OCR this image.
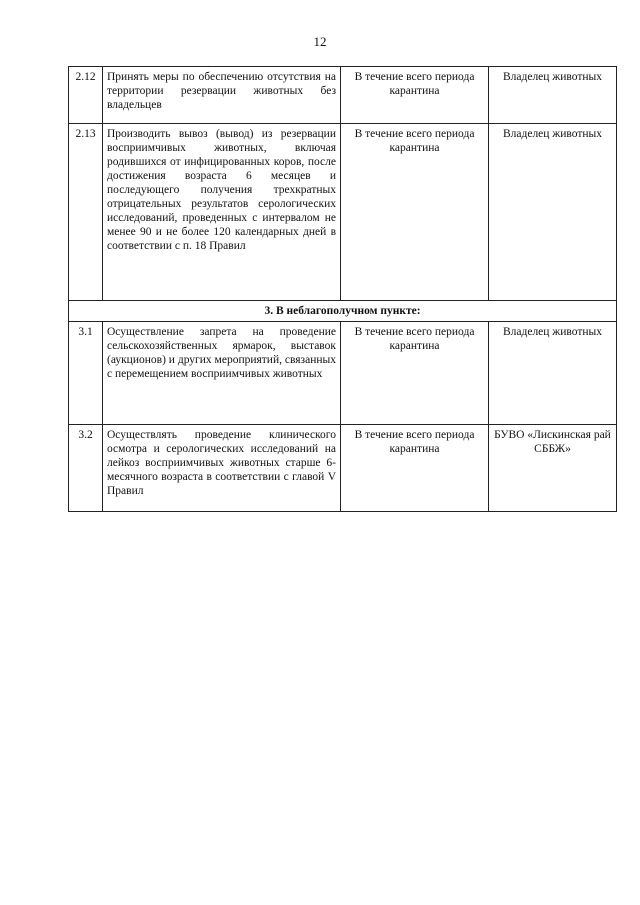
12
2.12	Принять меры по обеспечению отсутствия на территории резервации животных без владельцев	В течение всего периода карантина	Владелец животных
2.13	Производить вывоз (вывод) из резервации восприимчивых животных, включая родившихся от инфицированных коров, после достижения возраста 6 месяцев и последующего получения трехкратных отрицательных результатов серологических исследований, проведенных с интервалом не менее 90 и не более 120 календарных дней в соответствии с п. 18 Правил	В течение всего периода карантина	Владелец животных
3. В неблагополучном пункте:			
3.1	Осуществление запрета на проведение сельскохозяйственных ярмарок, выставок (аукционов) и других мероприятий, связанных с перемещением восприимчивых животных	В течение всего периода карантина	Владелец животных
3.2	Осуществлять проведение клинического осмотра и серологических исследований на лейкоз восприимчивых животных старше 6-месячного возраста в соответствии с главой V Правил	В течение всего периода карантина	БУВО «Лискинская рай СББЖ»
